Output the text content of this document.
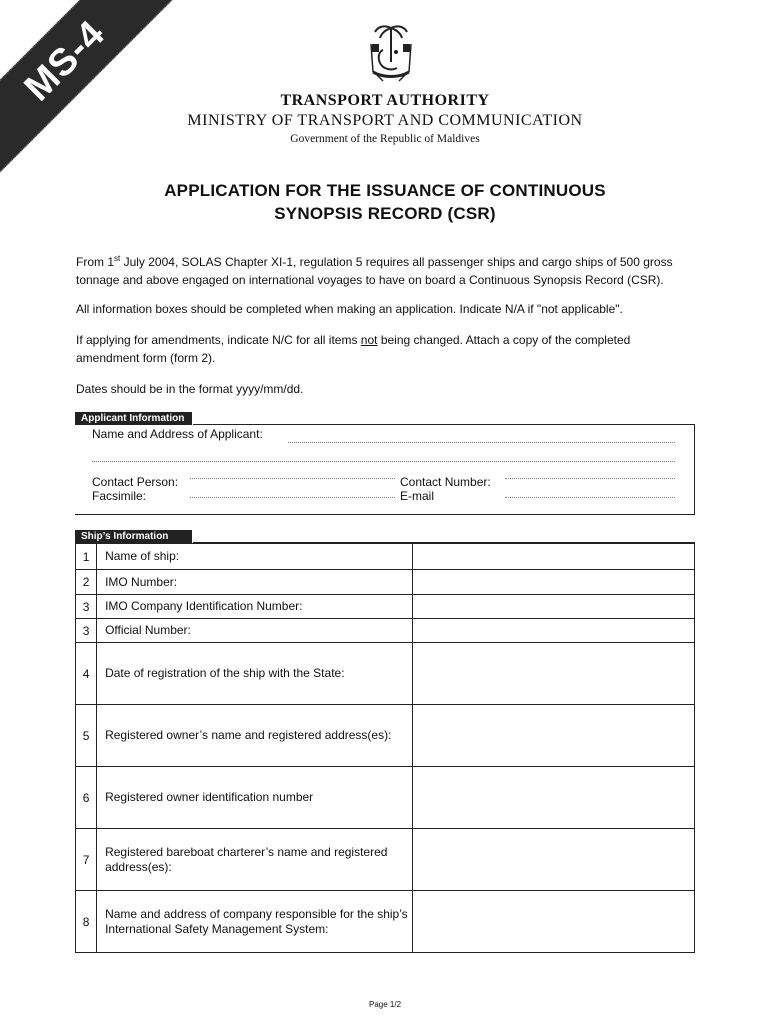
MS-4	TRANSPORT AUTHORITY
MINISTRY OF TRANSPORT AND COMMUNICATION
Government of the Republic of Maldives
APPLICATION FOR THE ISSUANCE OF CONTINUOUS
SYNOPSIS RECORD (CSR)
From 1st July 2004, SOLAS Chapter XI-1, regulation 5 requires all passenger ships and cargo ships of 500 gross tonnage and above engaged on international voyages to have on board a Continuous Synopsis Record (CSR).
All information boxes should be completed when making an application. Indicate N/A if "not applicable".
If applying for amendments, indicate N/C for all items not being changed. Attach a copy of the completed amendment form (form 2).
Dates should be in the format yyyy/mm/dd.
Applicant Information
Name and Address of Applicant:
Contact Person:	Contact Number:
Facsimile:	E-mail
Ship’s Information
1	Name of ship:	
2	IMO Number:	
3	IMO Company Identification Number:	
3	Official Number:	
4	Date of registration of the ship with the State:	
5	Registered owner’s name and registered address(es):	
6	Registered owner identification number	
7	Registered bareboat charterer’s name and registered address(es):	
8	Name and address of company responsible for the ship’s International Safety Management System:	
Page 1/2
